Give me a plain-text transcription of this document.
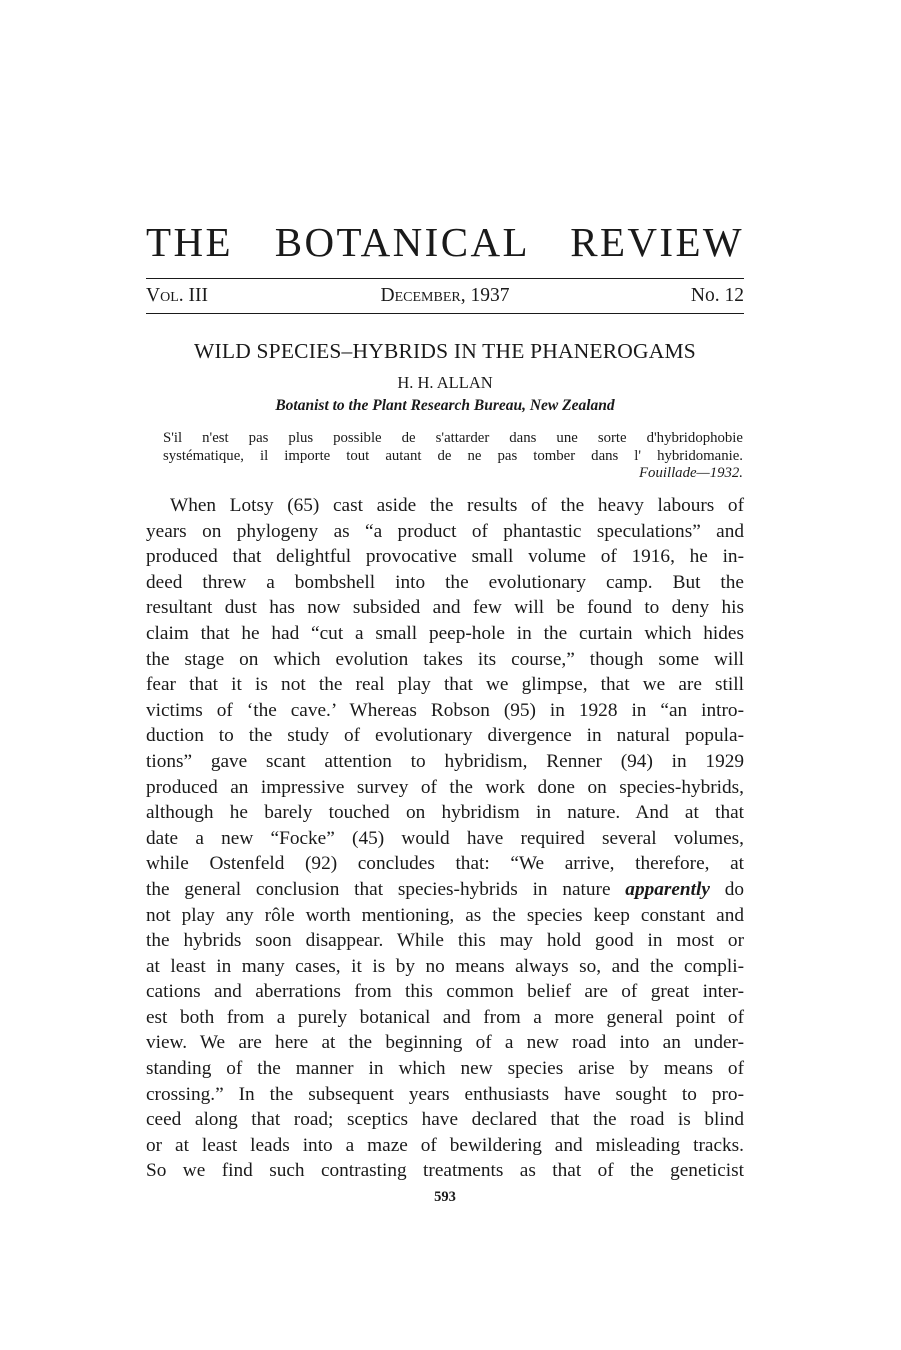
THE BOTANICAL REVIEW
Vol. III	December, 1937	No. 12
WILD SPECIES–HYBRIDS IN THE PHANEROGAMS
H. H. ALLAN
Botanist to the Plant Research Bureau, New Zealand
S'il n'est pas plus possible de s'attarder dans une sorte d'hybridophobie
systématique, il importe tout autant de ne pas tomber dans l' hybridomanie.
Fouillade—1932.
When Lotsy (65) cast aside the results of the heavy labours of
years on phylogeny as “a product of phantastic speculations” and
produced that delightful provocative small volume of 1916, he in-
deed threw a bombshell into the evolutionary camp. But the
resultant dust has now subsided and few will be found to deny his
claim that he had “cut a small peep-hole in the curtain which hides
the stage on which evolution takes its course,” though some will
fear that it is not the real play that we glimpse, that we are still
victims of ‘the cave.’ Whereas Robson (95) in 1928 in “an intro-
duction to the study of evolutionary divergence in natural popula-
tions” gave scant attention to hybridism, Renner (94) in 1929
produced an impressive survey of the work done on species-hybrids,
although he barely touched on hybridism in nature. And at that
date a new “Focke” (45) would have required several volumes,
while Ostenfeld (92) concludes that: “We arrive, therefore, at
the general conclusion that species-hybrids in nature apparently do
not play any rôle worth mentioning, as the species keep constant and
the hybrids soon disappear. While this may hold good in most or
at least in many cases, it is by no means always so, and the compli-
cations and aberrations from this common belief are of great inter-
est both from a purely botanical and from a more general point of
view. We are here at the beginning of a new road into an under-
standing of the manner in which new species arise by means of
crossing.” In the subsequent years enthusiasts have sought to pro-
ceed along that road; sceptics have declared that the road is blind
or at least leads into a maze of bewildering and misleading tracks.
So we find such contrasting treatments as that of the geneticist
593
